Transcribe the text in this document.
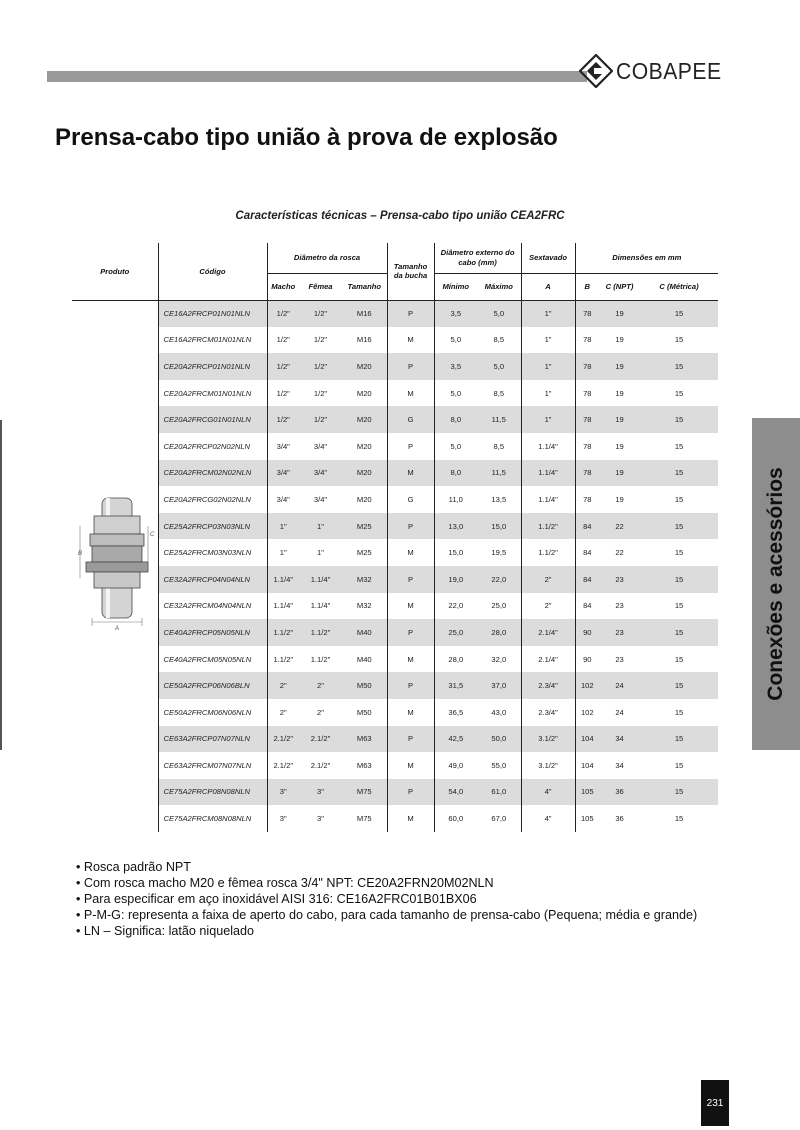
COBAPEE
Prensa-cabo tipo união à prova de explosão
Características técnicas – Prensa-cabo tipo união CEA2FRC
Produto	Código	Diâmetro da rosca			Tamanho da bucha	Diâmetro externo do cabo (mm)		Sextavado	Dimensões em mm		
		Macho	Fêmea	Tamanho		Mínimo	Máximo	A	B	C (NPT)	C (Métrica)
	CE16A2FRCP01N01NLN	1/2"	1/2"	M16	P	3,5	5,0	1"	78	19	15
	CE16A2FRCM01N01NLN	1/2"	1/2"	M16	M	5,0	8,5	1"	78	19	15
	CE20A2FRCP01N01NLN	1/2"	1/2"	M20	P	3,5	5,0	1"	78	19	15
	CE20A2FRCM01N01NLN	1/2"	1/2"	M20	M	5,0	8,5	1"	78	19	15
	CE20A2FRCG01N01NLN	1/2"	1/2"	M20	G	8,0	11,5	1"	78	19	15
	CE20A2FRCP02N02NLN	3/4"	3/4"	M20	P	5,0	8,5	1.1/4"	78	19	15
	CE20A2FRCM02N02NLN	3/4"	3/4"	M20	M	8,0	11,5	1.1/4"	78	19	15
	CE20A2FRCG02N02NLN	3/4"	3/4"	M20	G	11,0	13,5	1.1/4"	78	19	15
	CE25A2FRCP03N03NLN	1"	1"	M25	P	13,0	15,0	1.1/2"	84	22	15
	CE25A2FRCM03N03NLN	1"	1"	M25	M	15,0	19,5	1.1/2"	84	22	15
	CE32A2FRCP04N04NLN	1.1/4"	1.1/4"	M32	P	19,0	22,0	2"	84	23	15
	CE32A2FRCM04N04NLN	1.1/4"	1.1/4"	M32	M	22,0	25,0	2"	84	23	15
	CE40A2FRCP05N05NLN	1.1/2"	1.1/2"	M40	P	25,0	28,0	2.1/4"	90	23	15
	CE40A2FRCM05N05NLN	1.1/2"	1.1/2"	M40	M	28,0	32,0	2.1/4"	90	23	15
	CE50A2FRCP06N06BLN	2"	2"	M50	P	31,5	37,0	2.3/4"	102	24	15
	CE50A2FRCM06N06NLN	2"	2"	M50	M	36,5	43,0	2.3/4"	102	24	15
	CE63A2FRCP07N07NLN	2.1/2"	2.1/2"	M63	P	42,5	50,0	3.1/2"	104	34	15
	CE63A2FRCM07N07NLN	2.1/2"	2.1/2"	M63	M	49,0	55,0	3.1/2"	104	34	15
	CE75A2FRCP08N08NLN	3"	3"	M75	P	54,0	61,0	4"	105	36	15
	CE75A2FRCM08N08NLN	3"	3"	M75	M	60,0	67,0	4"	105	36	15
B
C
A	Conexões e acessórios
• Rosca padrão NPT
• Com rosca macho M20 e fêmea rosca 3/4" NPT: CE20A2FRN20M02NLN
• Para especificar em aço inoxidável AISI 316: CE16A2FRC01B01BX06
• P-M-G: representa a faixa de aperto do cabo, para cada tamanho de prensa-cabo (Pequena; média e grande)
• LN – Significa: latão niquelado
231
